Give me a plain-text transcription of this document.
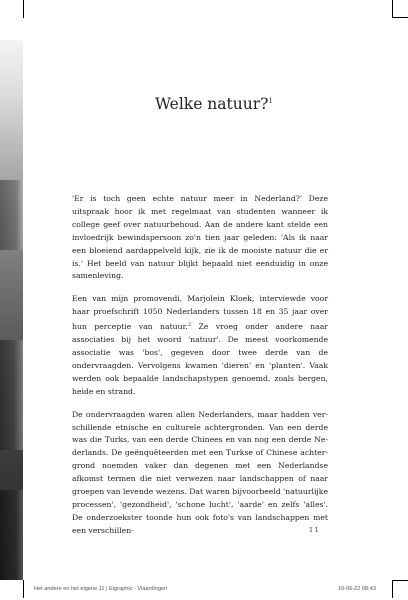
Welke natuur?$^1$

'Er is toch geen echte natuur meer in Nederland?' Deze uitspraak hoor ik met regelmaat van studenten wanneer ik college geef over natuurbehoud. Aan de andere kant stelde een invloedrijk bewindspersoon zo'n tien jaar geleden: 'Als ik naar een bloeiend aardappelveld kijk, zie ik de mooiste natuur die er is.' Het beeld van natuur blijkt bepaald niet eenduidig in onze samenleving.

Een van mijn promovendi, Marjolein Kloek, interviewde voor haar proefschrift 1050 Nederlanders tussen 18 en 35 jaar over hun perceptie van natuur.$^2$ Ze vroeg onder andere naar associaties bij het woord 'natuur'. De meest voorkomende associatie was 'bos', gegeven door twee derde van de ondervraagden. Vervolgens kwamen 'dieren' en 'planten'. Vaak werden ook bepaalde landschapstypen genoemd, zoals bergen, heide en strand.

De ondervraagden waren allen Nederlanders, maar hadden verschillende etnische en culturele achtergronden. Van een derde was die Turks, van een derde Chinees en van nog een derde Nederlands. De geënquêteerden met een Turkse of Chinese achtergrond noemden vaker dan degenen met een Nederlandse afkomst termen die niet verwezen naar landschappen of naar groepen van levende wezens. Dat waren bijvoorbeeld 'natuurlijke processen', 'gezondheid', 'schone lucht', 'aarde' en zelfs 'alles'. De onderzoekster toonde hun ook foto's van landschappen met een verschillen-	11
Het andere en het eigene 11 | Eigraphic - Vlaardingen	10-06-22 08:43
